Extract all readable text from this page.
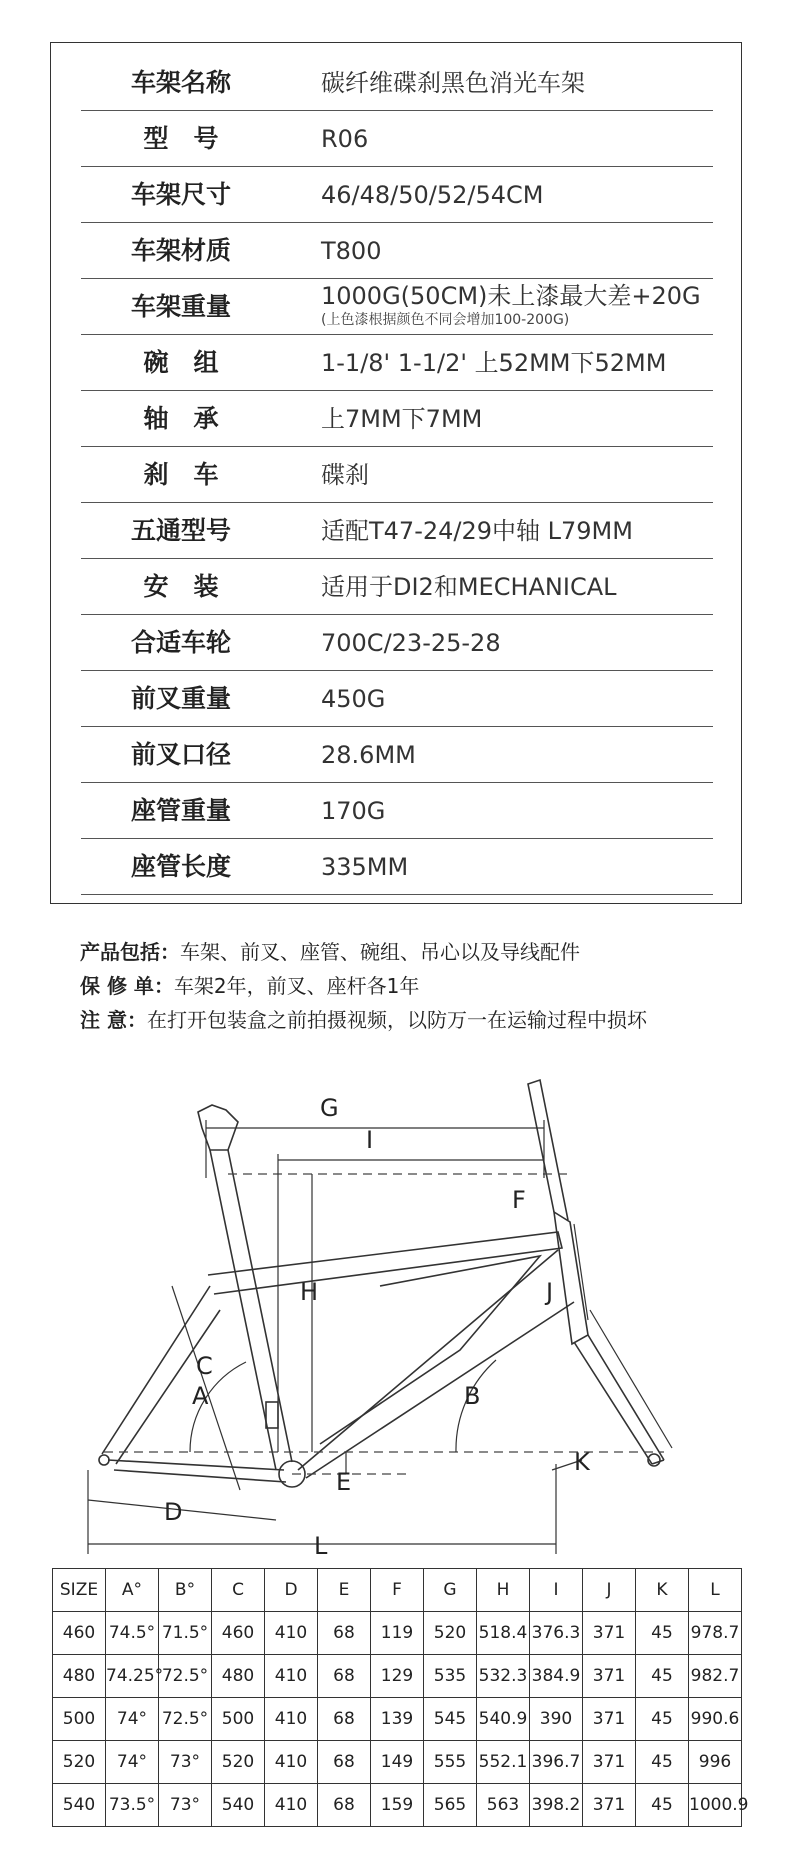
车架名称	碳纤维碟刹黑色消光车架
型　号	R06
车架尺寸	46/48/50/52/54CM
车架材质	T800
车架重量	1000G(50CM)未上漆最大差+20G
(上色漆根据颜色不同会增加100-200G)
碗　组	1-1/8' 1-1/2' 上52MM下52MM
轴　承	上7MM下7MM
刹　车	碟刹
五通型号	适配T47-24/29中轴 L79MM
安　装	适用于DI2和MECHANICAL
合适车轮	700C/23-25-28
前叉重量	450G
前叉口径	28.6MM
座管重量	170G
座管长度	335MM
产品包括：车架、前叉、座管、碗组、吊心以及导线配件
保 修 单：车架2年，前叉、座杆各1年
注 意：在打开包装盒之前拍摄视频，以防万一在运输过程中损坏
G
I
F
H
C
A	B
J
E
K
D
L
SIZE	A°	B°	C	D	E	F	G	H	I	J	K	L
460	74.5°	71.5°	460	410	68	119	520	518.4	376.3	371	45	978.7
480	74.25°	72.5°	480	410	68	129	535	532.3	384.9	371	45	982.7
500	74°	72.5°	500	410	68	139	545	540.9	390	371	45	990.6
520	74°	73°	520	410	68	149	555	552.1	396.7	371	45	996
540	73.5°	73°	540	410	68	159	565	563	398.2	371	45	1000.9
